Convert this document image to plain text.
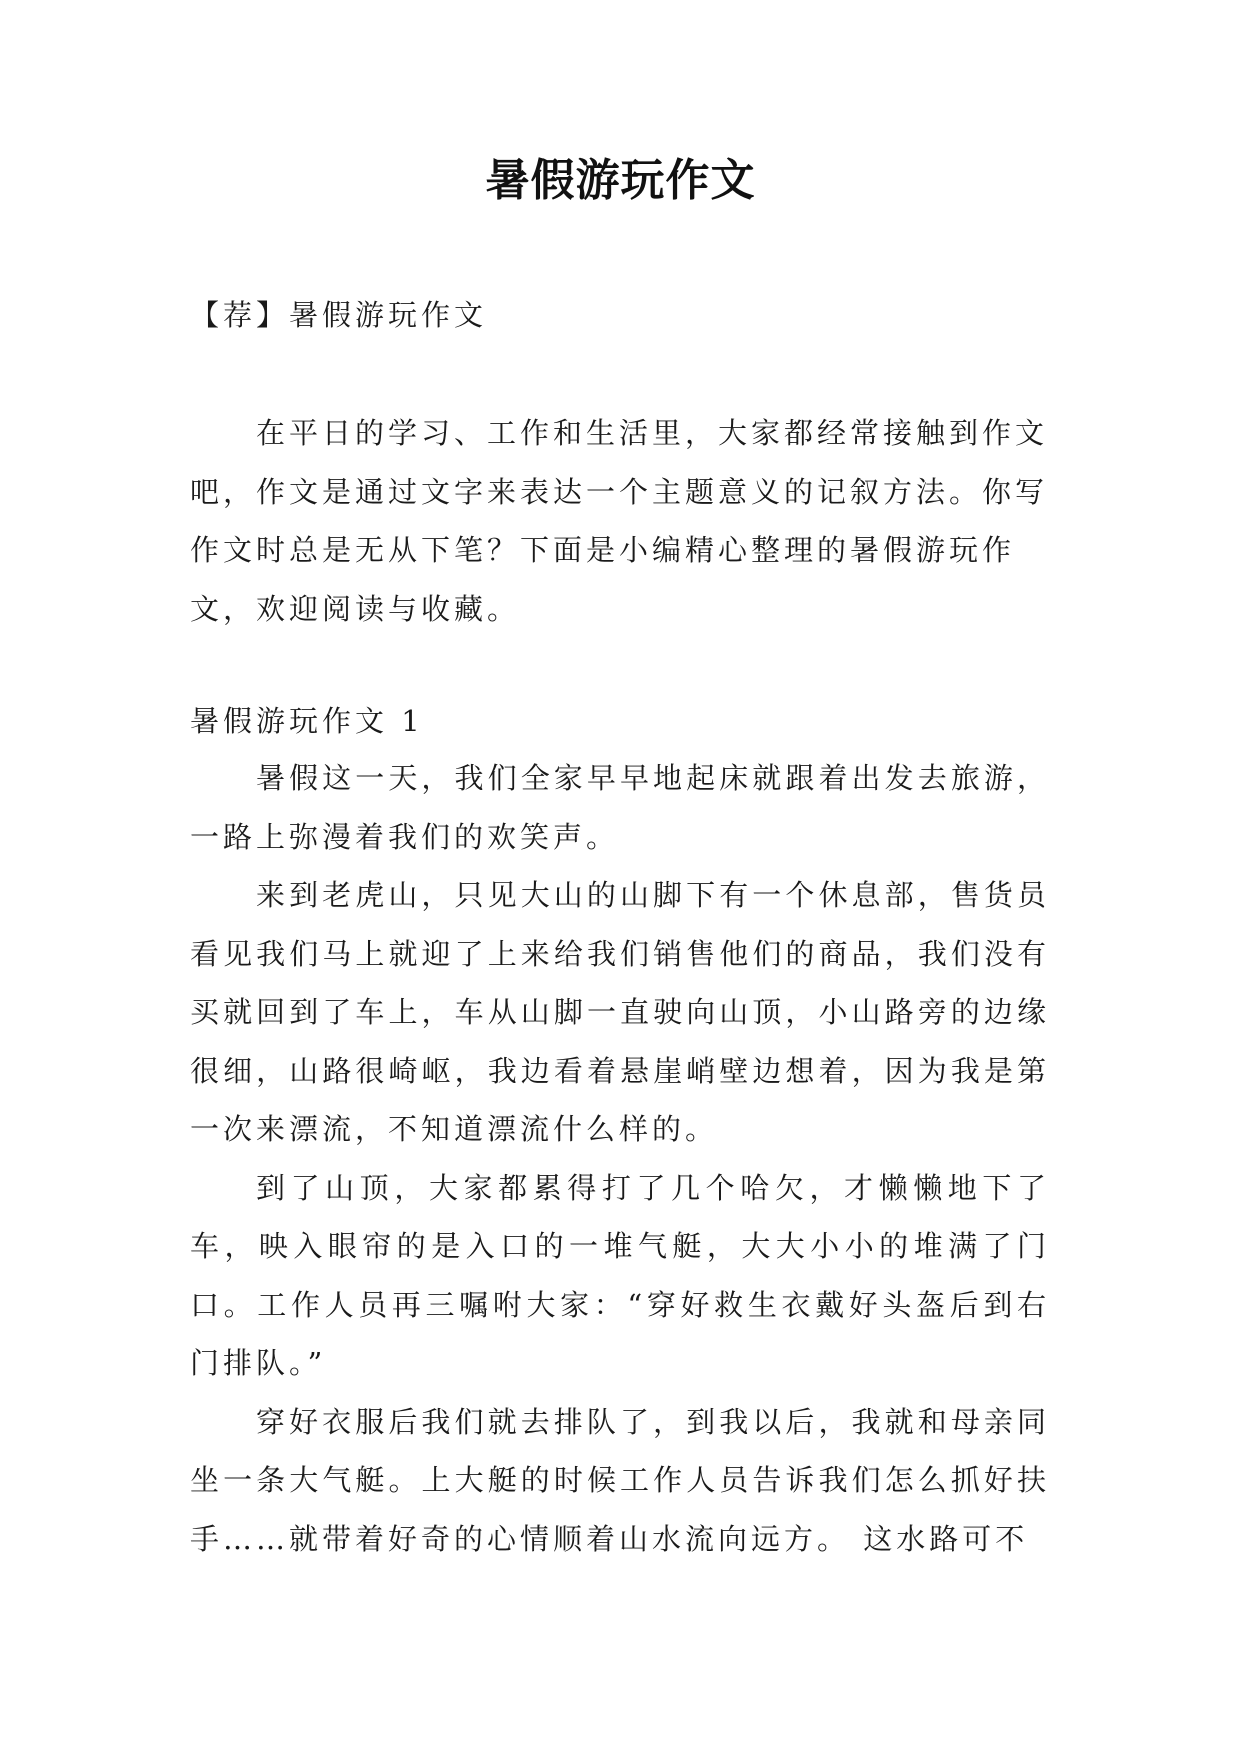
暑假游玩作文
【荐】暑假游玩作文

在平日的学习、工作和生活里，大家都经常接触到作文吧，作文是通过文字来表达一个主题意义的记叙方法。你写作文时总是无从下笔？下面是小编精心整理的暑假游玩作文，欢迎阅读与收藏。

暑假游玩作文 1

暑假这一天，我们全家早早地起床就跟着出发去旅游，一路上弥漫着我们的欢笑声。

来到老虎山，只见大山的山脚下有一个休息部，售货员看见我们马上就迎了上来给我们销售他们的商品，我们没有买就回到了车上，车从山脚一直驶向山顶，小山路旁的边缘很细，山路很崎岖，我边看着悬崖峭壁边想着，因为我是第一次来漂流，不知道漂流什么样的。

到了山顶，大家都累得打了几个哈欠，才懒懒地下了车，映入眼帘的是入口的一堆气艇，大大小小的堆满了门口。工作人员再三嘱咐大家：“穿好救生衣戴好头盔后到右门排队。”

穿好衣服后我们就去排队了，到我以后，我就和母亲同坐一条大气艇。上大艇的时候工作人员告诉我们怎么抓好扶手……就带着好奇的心情顺着山水流向远方。 这水路可不
